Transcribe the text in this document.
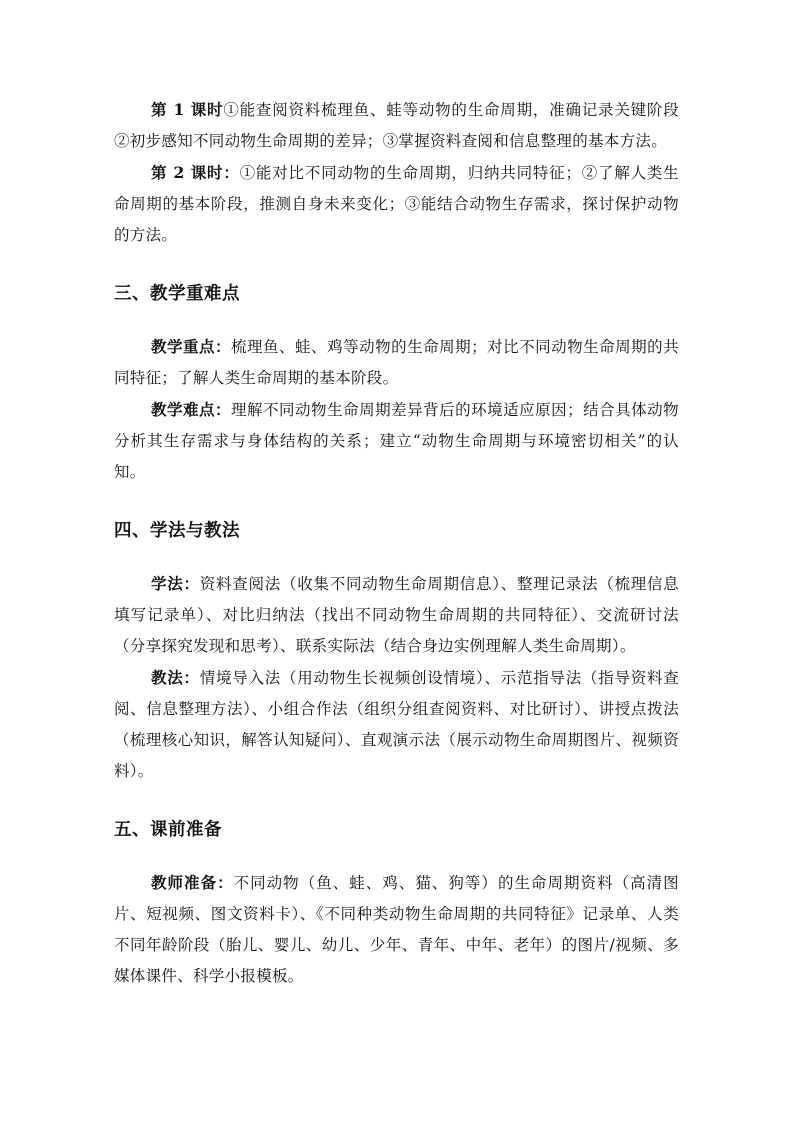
第 1 课时①能查阅资料梳理鱼、蛙等动物的生命周期，准确记录关键阶段②初步感知不同动物生命周期的差异；③掌握资料查阅和信息整理的基本方法。

第 2 课时：①能对比不同动物的生命周期，归纳共同特征；②了解人类生命周期的基本阶段，推测自身未来变化；③能结合动物生存需求，探讨保护动物的方法。

三、教学重难点

教学重点：梳理鱼、蛙、鸡等动物的生命周期；对比不同动物生命周期的共同特征；了解人类生命周期的基本阶段。

教学难点：理解不同动物生命周期差异背后的环境适应原因；结合具体动物分析其生存需求与身体结构的关系；建立“动物生命周期与环境密切相关”的认知。

四、学法与教法

学法：资料查阅法（收集不同动物生命周期信息）、整理记录法（梳理信息填写记录单）、对比归纳法（找出不同动物生命周期的共同特征）、交流研讨法（分享探究发现和思考）、联系实际法（结合身边实例理解人类生命周期）。

教法：情境导入法（用动物生长视频创设情境）、示范指导法（指导资料查阅、信息整理方法）、小组合作法（组织分组查阅资料、对比研讨）、讲授点拨法（梳理核心知识，解答认知疑问）、直观演示法（展示动物生命周期图片、视频资料）。

五、课前准备

教师准备：不同动物（鱼、蛙、鸡、猫、狗等）的生命周期资料（高清图片、短视频、图文资料卡）、《不同种类动物生命周期的共同特征》记录单、人类不同年龄阶段（胎儿、婴儿、幼儿、少年、青年、中年、老年）的图片/视频、多媒体课件、科学小报模板。
